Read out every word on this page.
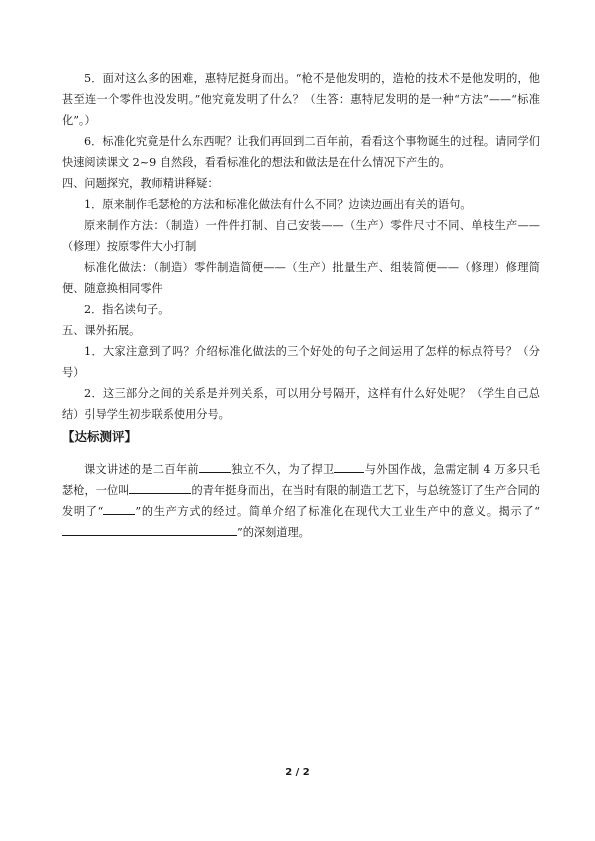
5．面对这么多的困难，惠特尼挺身而出。“枪不是他发明的，造枪的技术不是他发明的，他甚至连一个零件也没发明。”他究竟发明了什么？（生答：惠特尼发明的是一种“方法”——“标准化”。）

6．标准化究竟是什么东西呢？让我们再回到二百年前，看看这个事物诞生的过程。请同学们快速阅读课文 2~9 自然段，看看标准化的想法和做法是在什么情况下产生的。

四、问题探究，教师精讲释疑：

1．原来制作毛瑟枪的方法和标准化做法有什么不同？边读边画出有关的语句。

原来制作方法：（制造）一件件打制、自己安装——（生产）零件尺寸不同、单枝生产——（修理）按原零件大小打制

标准化做法：（制造）零件制造简便——（生产）批量生产、组装简便——（修理）修理简便、随意换相同零件

2．指名读句子。

五、课外拓展。

1．大家注意到了吗？介绍标准化做法的三个好处的句子之间运用了怎样的标点符号？（分号）

2．这三部分之间的关系是并列关系，可以用分号隔开，这样有什么好处呢？（学生自己总结）引导学生初步联系使用分号。

【达标测评】

课文讲述的是二百年前	独立不久，为了捍卫	与外国作战，急需定制 4 万多只毛瑟枪，一位叫	的青年挺身而出，在当时有限的制造工艺下，与总统签订了生产合同的发明了“	”的生产方式的经过。简单介绍了标准化在现代大工业生产中的意义。揭示了“”的深刻道理。

2 / 2
